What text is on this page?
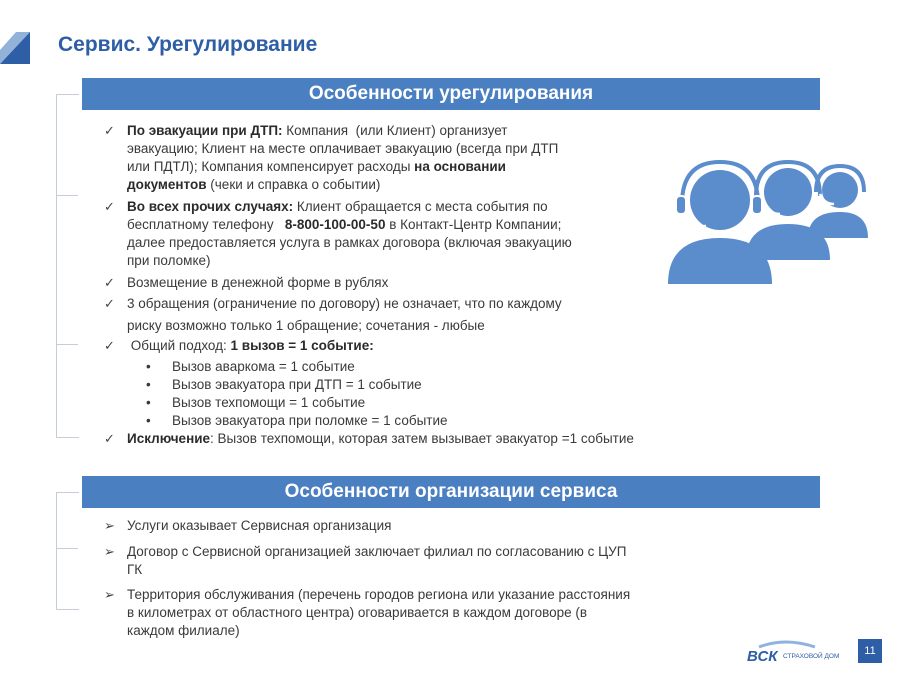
Сервис. Урегулирование
Особенности урегулирования
Особенности организации сервиса
✓ По эвакуации при ДТП: Компания  (или Клиент) организует
эвакуацию; Клиент на месте оплачивает эвакуацию (всегда при ДТП
или ПДТЛ); Компания компенсирует расходы на основании
документов (чеки и справка о событии)
✓ Во всех прочих случаях: Клиент обращается с места события по
бесплатному телефону   8-800-100-00-50 в Контакт-Центр Компании;
далее предоставляется услуга в рамках договора (включая эвакуацию
при поломке)
✓ Возмещение в денежной форме в рублях
✓ 3 обращения (ограничение по договору) не означает, что по каждому
риску возможно только 1 обращение; сочетания - любые
✓ Общий подход: 1 вызов = 1 событие:
• Вызов аваркома = 1 событие
• Вызов эвакуатора при ДТП = 1 событие
• Вызов техпомощи = 1 событие
• Вызов эвакуатора при поломке = 1 событие
✓ Исключение: Вызов техпомощи, которая затем вызывает эвакуатор =1 событие
➢ Услуги оказывает Сервисная организация
➢ Договор с Сервисной организацией заключает филиал по согласованию с ЦУП
ГК
➢ Территория обслуживания (перечень городов региона или указание расстояния
в километрах от областного центра) оговаривается в каждом договоре (в
каждом филиале)
ВСК СТРАХОВОЙ ДОМ	11
